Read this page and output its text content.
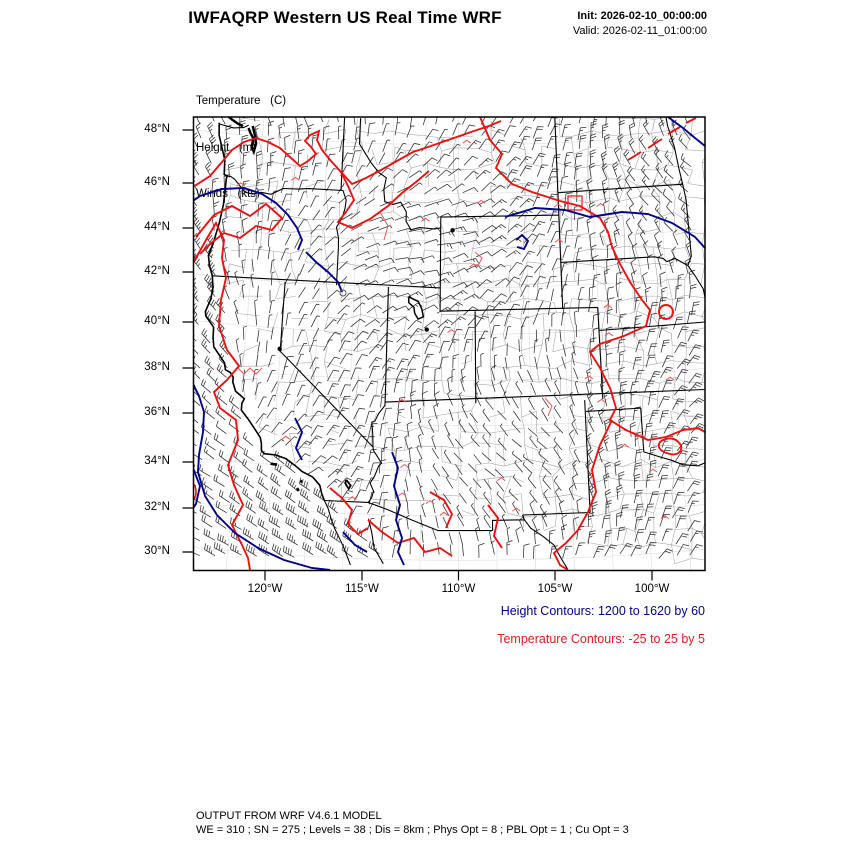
IWFAQRP Western US Real Time WRF	Init: 2026-02-10_00:00:00
Valid: 2026-02-11_01:00:00

Temperature   (C)

Height   (m)

Winds   (kts)

48°N
46°N
44°N
42°N
40°N
38°N
36°N
34°N
32°N
30°N
120°W	115°W	110°W	105°W	100°W
Height Contours: 1200 to 1620 by 60
Temperature Contours: -25 to 25 by 5
OUTPUT FROM WRF V4.6.1 MODEL
WE = 310 ; SN = 275 ; Levels = 38 ; Dis = 8km ; Phys Opt = 8 ; PBL Opt = 1 ; Cu Opt = 3
